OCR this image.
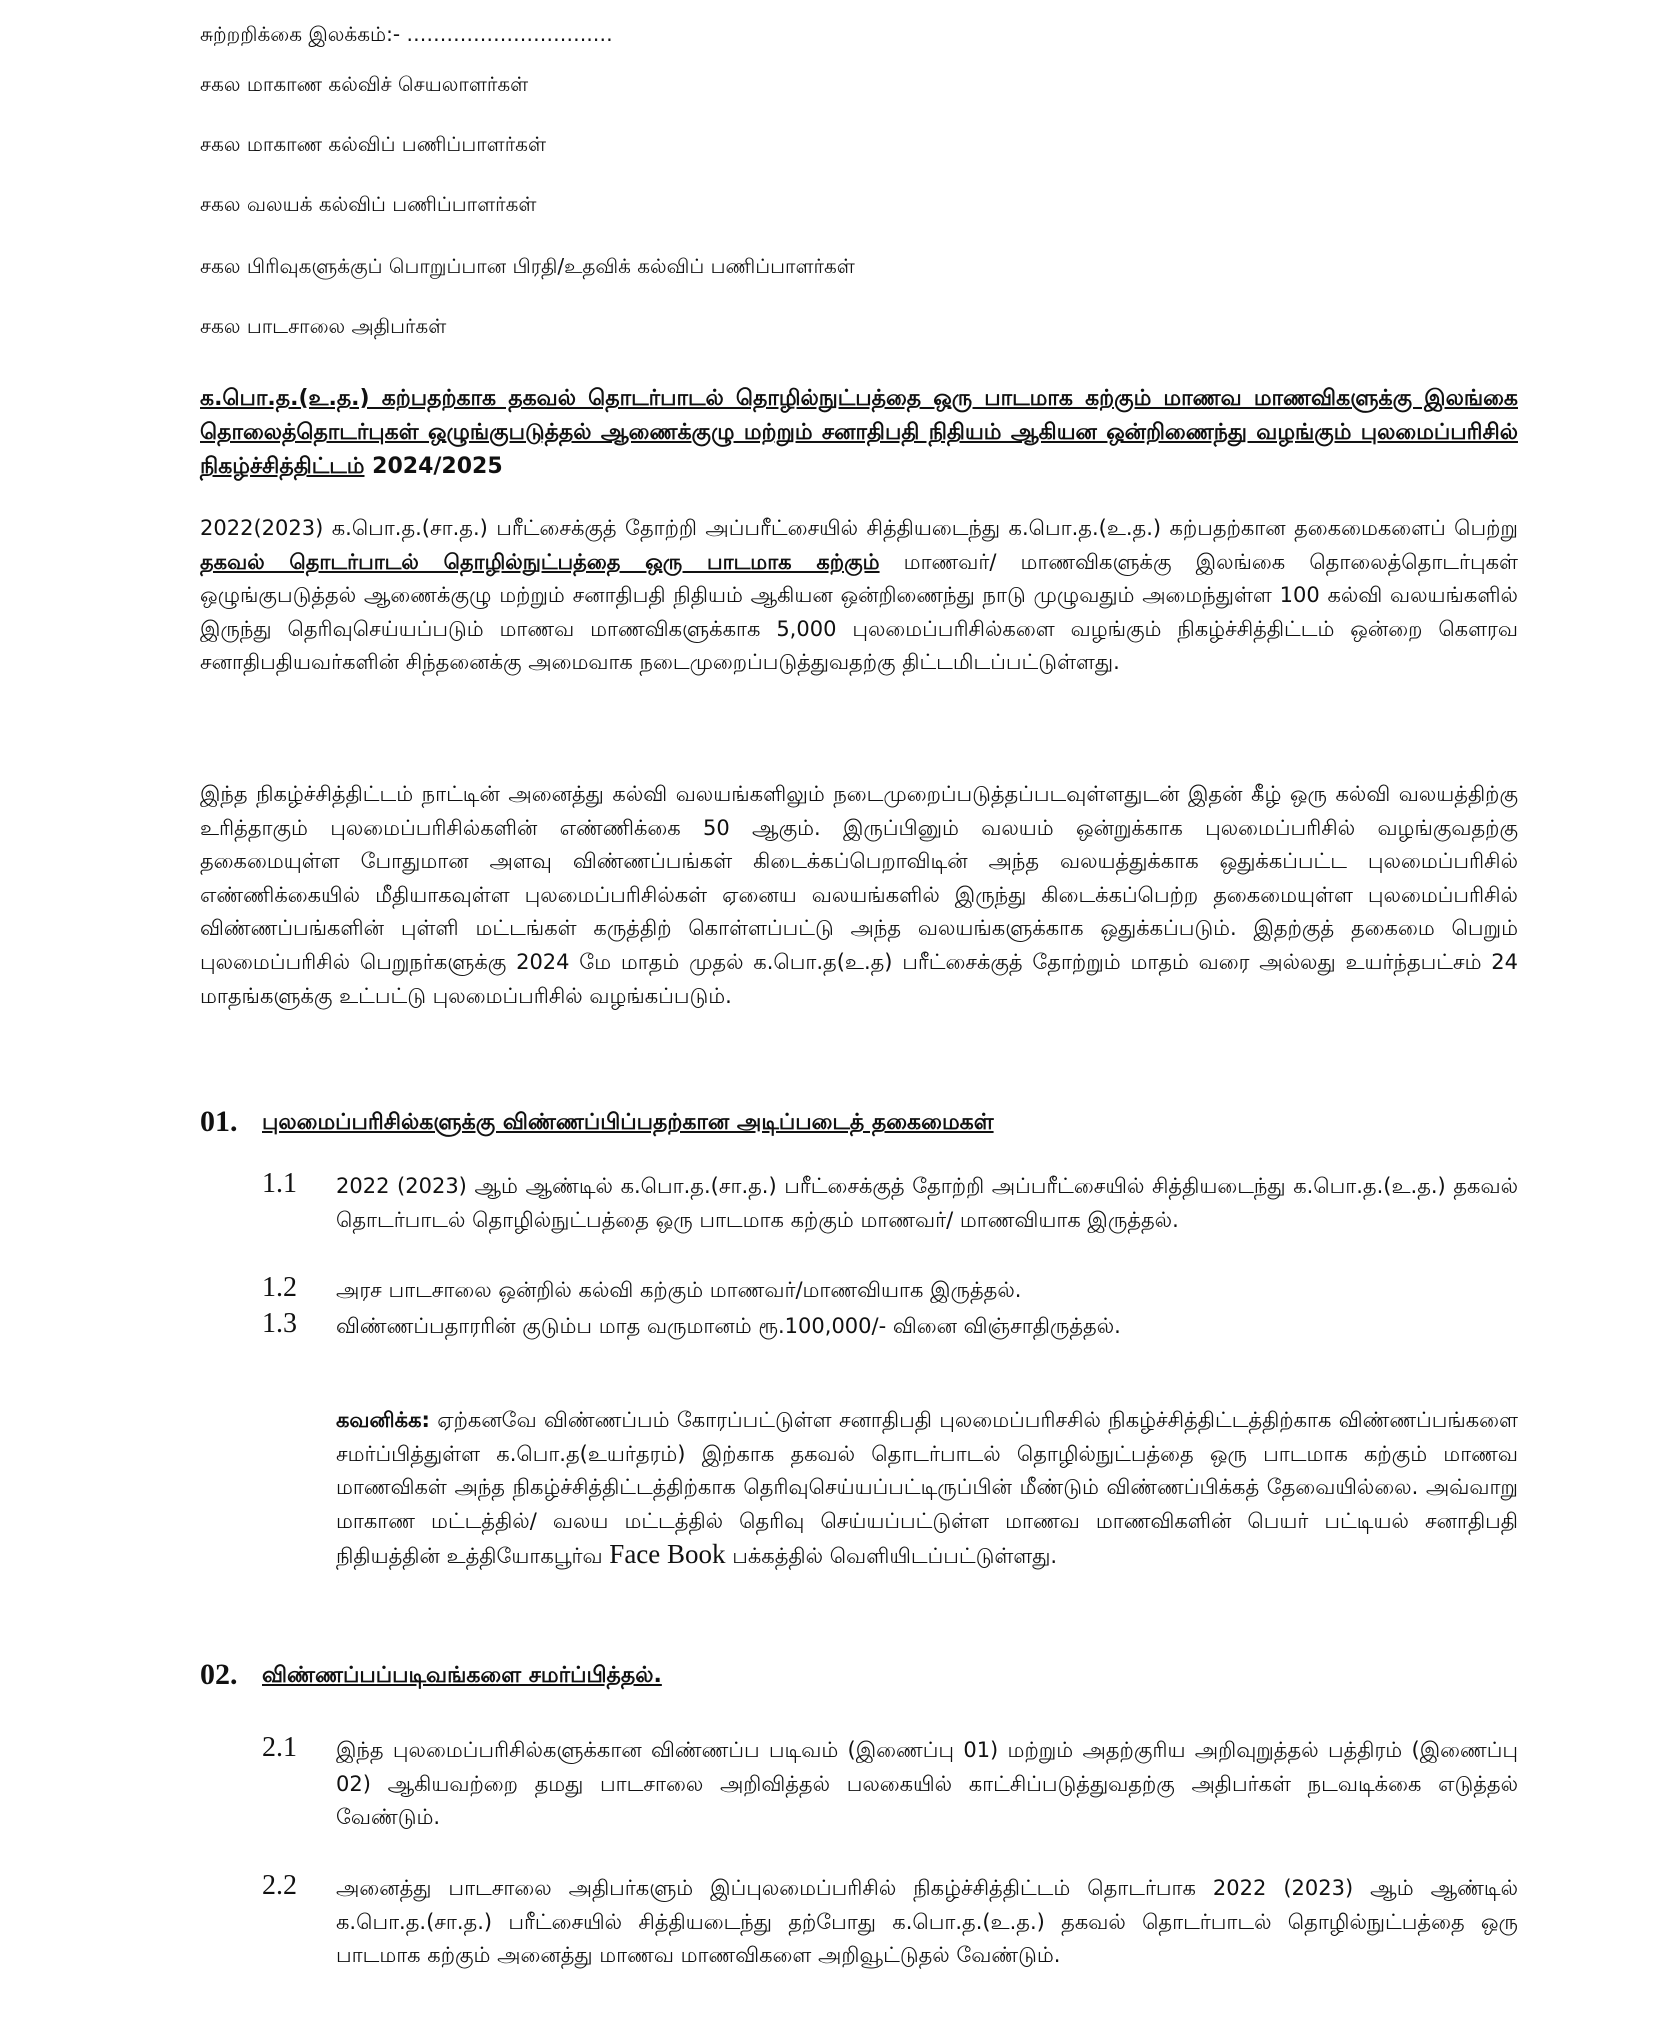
சுற்றறிக்கை இலக்கம்:- ……………………….…
சகல மாகாண கல்விச் செயலாளர்கள்
சகல மாகாண கல்விப் பணிப்பாளர்கள்
சகல வலயக் கல்விப் பணிப்பாளர்கள்
சகல பிரிவுகளுக்குப் பொறுப்பான பிரதி/உதவிக் கல்விப் பணிப்பாளர்கள்
சகல பாடசாலை அதிபர்கள்
க.பொ.த.(உ.த.) கற்பதற்காக தகவல் தொடர்பாடல் தொழில்நுட்பத்தை ஒரு பாடமாக கற்கும் மாணவ மாணவிகளுக்கு இலங்கை தொலைத்தொடர்புகள் ஒழுங்குபடுத்தல் ஆணைக்குழு மற்றும் சனாதிபதி நிதியம் ஆகியன ஒன்றிணைந்து வழங்கும் புலமைப்பரிசில் நிகழ்ச்சித்திட்டம் 2024/2025
2022(2023) க.பொ.த.(சா.த.) பரீட்சைக்குத் தோற்றி அப்பரீட்சையில் சித்தியடைந்து க.பொ.த.(உ.த.) கற்பதற்கான தகைமைகளைப் பெற்று தகவல் தொடர்பாடல் தொழில்நுட்பத்தை ஒரு பாடமாக கற்கும் மாணவர்/ மாணவிகளுக்கு இலங்கை தொலைத்தொடர்புகள் ஒழுங்குபடுத்தல் ஆணைக்குழு மற்றும் சனாதிபதி நிதியம் ஆகியன ஒன்றிணைந்து நாடு முழுவதும் அமைந்துள்ள 100 கல்வி வலயங்களில் இருந்து தெரிவுசெய்யப்படும் மாணவ மாணவிகளுக்காக 5,000 புலமைப்பரிசில்களை வழங்கும் நிகழ்ச்சித்திட்டம் ஒன்றை கௌரவ சனாதிபதியவர்களின் சிந்தனைக்கு அமைவாக நடைமுறைப்படுத்துவதற்கு திட்டமிடப்பட்டுள்ளது.
இந்த நிகழ்ச்சித்திட்டம் நாட்டின் அனைத்து கல்வி வலயங்களிலும் நடைமுறைப்படுத்தப்படவுள்ளதுடன் இதன் கீழ் ஒரு கல்வி வலயத்திற்கு உரித்தாகும் புலமைப்பரிசில்களின் எண்ணிக்கை 50 ஆகும். இருப்பினும் வலயம் ஒன்றுக்காக புலமைப்பரிசில் வழங்குவதற்கு தகைமையுள்ள போதுமான அளவு விண்ணப்பங்கள் கிடைக்கப்பெறாவிடின் அந்த வலயத்துக்காக ஒதுக்கப்பட்ட புலமைப்பரிசில் எண்ணிக்கையில் மீதியாகவுள்ள புலமைப்பரிசில்கள் ஏனைய வலயங்களில் இருந்து கிடைக்கப்பெற்ற தகைமையுள்ள புலமைப்பரிசில் விண்ணப்பங்களின் புள்ளி மட்டங்கள் கருத்திற் கொள்ளப்பட்டு அந்த வலயங்களுக்காக ஒதுக்கப்படும். இதற்குத் தகைமை பெறும் புலமைப்பரிசில் பெறுநர்களுக்கு 2024 மே மாதம் முதல் க.பொ.த(உ.த) பரீட்சைக்குத் தோற்றும் மாதம் வரை அல்லது உயர்ந்தபட்சம் 24 மாதங்களுக்கு உட்பட்டு புலமைப்பரிசில் வழங்கப்படும்.
01. புலமைப்பரிசில்களுக்கு விண்ணப்பிப்பதற்கான அடிப்படைத் தகைமைகள்
1.1 2022 (2023) ஆம் ஆண்டில் க.பொ.த.(சா.த.) பரீட்சைக்குத் தோற்றி அப்பரீட்சையில் சித்தியடைந்து க.பொ.த.(உ.த.) தகவல் தொடர்பாடல் தொழில்நுட்பத்தை ஒரு பாடமாக கற்கும் மாணவர்/ மாணவியாக இருத்தல்.
1.2 அரச பாடசாலை ஒன்றில் கல்வி கற்கும் மாணவர்/மாணவியாக இருத்தல்.
1.3 விண்ணப்பதாரரின் குடும்ப மாத வருமானம் ரூ.100,000/- வினை விஞ்சாதிருத்தல்.
கவனிக்க: ஏற்கனவே விண்ணப்பம் கோரப்பட்டுள்ள சனாதிபதி புலமைப்பரிசசில் நிகழ்ச்சித்திட்டத்திற்காக விண்ணப்பங்களை சமர்ப்பித்துள்ள க.பொ.த(உயர்தரம்) இற்காக தகவல் தொடர்பாடல் தொழில்நுட்பத்தை ஒரு பாடமாக கற்கும் மாணவ மாணவிகள் அந்த நிகழ்ச்சித்திட்டத்திற்காக தெரிவுசெய்யப்பட்டிருப்பின் மீண்டும் விண்ணப்பிக்கத் தேவையில்லை. அவ்வாறு மாகாண மட்டத்தில்/ வலய மட்டத்தில் தெரிவு செய்யப்பட்டுள்ள மாணவ மாணவிகளின் பெயர் பட்டியல் சனாதிபதி நிதியத்தின் உத்தியோகபூர்வ Face Book பக்கத்தில் வெளியிடப்பட்டுள்ளது.
02. விண்ணப்பப்படிவங்களை சமர்ப்பித்தல்.
2.1 இந்த புலமைப்பரிசில்களுக்கான விண்ணப்ப படிவம் (இணைப்பு 01) மற்றும் அதற்குரிய அறிவுறுத்தல் பத்திரம் (இணைப்பு 02) ஆகியவற்றை தமது பாடசாலை அறிவித்தல் பலகையில் காட்சிப்படுத்துவதற்கு அதிபர்கள் நடவடிக்கை எடுத்தல் வேண்டும்.
2.2 அனைத்து பாடசாலை அதிபர்களும் இப்புலமைப்பரிசில் நிகழ்ச்சித்திட்டம் தொடர்பாக 2022 (2023) ஆம் ஆண்டில் க.பொ.த.(சா.த.) பரீட்சையில் சித்தியடைந்து தற்போது க.பொ.த.(உ.த.) தகவல் தொடர்பாடல் தொழில்நுட்பத்தை ஒரு பாடமாக கற்கும் அனைத்து மாணவ மாணவிகளை அறிவூட்டுதல் வேண்டும்.
